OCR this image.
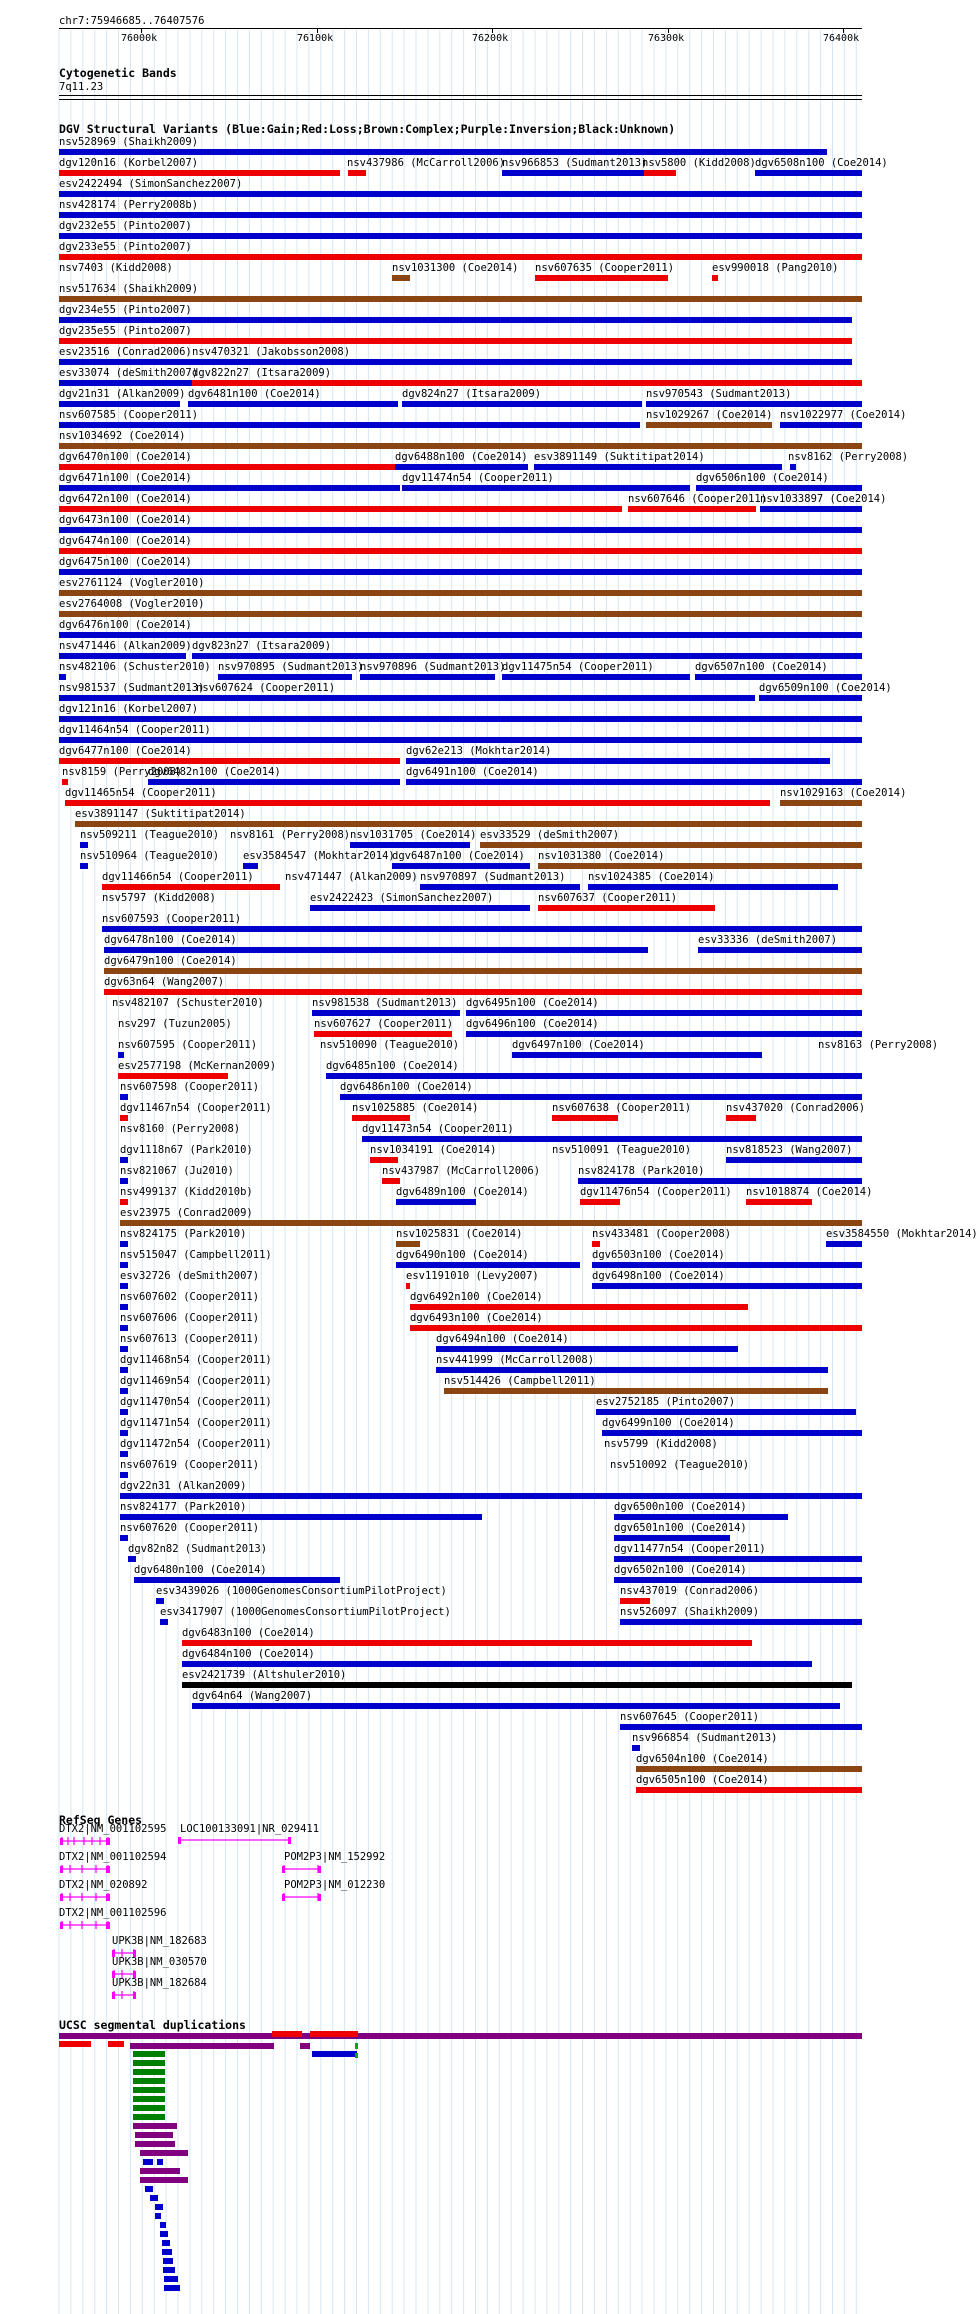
chr7:75946685..76407576
76000k	76100k	76200k	76300k	76400k
Cytogenetic Bands
7q11.23
DGV Structural Variants (Blue:Gain;Red:Loss;Brown:Complex;Purple:Inversion;Black:Unknown)
nsv528969 (Shaikh2009)
dgv120n16 (Korbel2007)	nsv437986 (McCarroll2006)
nsv966853 (Sudmant2013)
nsv5800 (Kidd2008) dgv6508n100 (Coe2014)
esv2422494 (SimonSanchez2007)
nsv428174 (Perry2008b)
dgv232e55 (Pinto2007)
dgv233e55 (Pinto2007)
nsv7403 (Kidd2008)	nsv1031300 (Coe2014) nsv607635 (Cooper2011)	esv990018 (Pang2010)
nsv517634 (Shaikh2009)
dgv234e55 (Pinto2007)
dgv235e55 (Pinto2007)
esv23516 (Conrad2006) nsv470321 (Jakobsson2008)
esv33074 (deSmith2007)
dgv822n27 (Itsara2009)
dgv21n31 (Alkan2009) dgv6481n100 (Coe2014)	dgv824n27 (Itsara2009)	nsv970543 (Sudmant2013)
nsv607585 (Cooper2011)	nsv1029267 (Coe2014) nsv1022977 (Coe2014)
nsv1034692 (Coe2014)
dgv6470n100 (Coe2014)	dgv6488n100 (Coe2014) esv3891149 (Suktitipat2014)	nsv8162 (Perry2008)
dgv6471n100 (Coe2014)	dgv11474n54 (Cooper2011)	dgv6506n100 (Coe2014)
dgv6472n100 (Coe2014)	nsv607646 (Cooper2011)
nsv1033897 (Coe2014)
dgv6473n100 (Coe2014)
dgv6474n100 (Coe2014)
dgv6475n100 (Coe2014)
esv2761124 (Vogler2010)
esv2764008 (Vogler2010)
dgv6476n100 (Coe2014)
nsv471446 (Alkan2009) dgv823n27 (Itsara2009)
nsv482106 (Schuster2010) nsv970895 (Sudmant2013)
nsv970896 (Sudmant2013)
dgv11475n54 (Cooper2011)	dgv6507n100 (Coe2014)
nsv981537 (Sudmant2013)
nsv607624 (Cooper2011)	dgv6509n100 (Coe2014)
dgv121n16 (Korbel2007)
dgv11464n54 (Cooper2011)
dgv6477n100 (Coe2014)	dgv62e213 (Mokhtar2014)
nsv8159 (Perry2008)
dgv6482n100 (Coe2014)	dgv6491n100 (Coe2014)
dgv11465n54 (Cooper2011)	nsv1029163 (Coe2014)
esv3891147 (Suktitipat2014)
nsv509211 (Teague2010) nsv8161 (Perry2008) nsv1031705 (Coe2014) esv33529 (deSmith2007)
nsv510964 (Teague2010) esv3584547 (Mokhtar2014)
dgv6487n100 (Coe2014) nsv1031380 (Coe2014)
dgv11466n54 (Cooper2011)	nsv471447 (Alkan2009) nsv970897 (Sudmant2013) nsv1024385 (Coe2014)
nsv5797 (Kidd2008)	esv2422423 (SimonSanchez2007)	nsv607637 (Cooper2011)
nsv607593 (Cooper2011)
dgv6478n100 (Coe2014)	esv33336 (deSmith2007)
dgv6479n100 (Coe2014)
dgv63n64 (Wang2007)
nsv482107 (Schuster2010)	nsv981538 (Sudmant2013) dgv6495n100 (Coe2014)
nsv297 (Tuzun2005)	nsv607627 (Cooper2011) dgv6496n100 (Coe2014)
nsv607595 (Cooper2011)	nsv510090 (Teague2010)	dgv6497n100 (Coe2014)	nsv8163 (Perry2008)
esv2577198 (McKernan2009)	dgv6485n100 (Coe2014)
nsv607598 (Cooper2011)	dgv6486n100 (Coe2014)
dgv11467n54 (Cooper2011)	nsv1025885 (Coe2014)	nsv607638 (Cooper2011)	nsv437020 (Conrad2006)
nsv8160 (Perry2008)	dgv11473n54 (Cooper2011)
dgv1118n67 (Park2010)	nsv1034191 (Coe2014)	nsv510091 (Teague2010)	nsv818523 (Wang2007)
nsv821067 (Ju2010)	nsv437987 (McCarroll2006)	nsv824178 (Park2010)
nsv499137 (Kidd2010b)	dgv6489n100 (Coe2014)	dgv11476n54 (Cooper2011) nsv1018874 (Coe2014)
esv23975 (Conrad2009)
nsv824175 (Park2010)	nsv1025831 (Coe2014)	nsv433481 (Cooper2008)	esv3584550 (Mokhtar2014)
nsv515047 (Campbell2011)	dgv6490n100 (Coe2014)	dgv6503n100 (Coe2014)
esv32726 (deSmith2007)	esv1191010 (Levy2007)	dgv6498n100 (Coe2014)
nsv607602 (Cooper2011)	dgv6492n100 (Coe2014)
nsv607606 (Cooper2011)	dgv6493n100 (Coe2014)
nsv607613 (Cooper2011)	dgv6494n100 (Coe2014)
dgv11468n54 (Cooper2011)	nsv441999 (McCarroll2008)
dgv11469n54 (Cooper2011)	nsv514426 (Campbell2011)
dgv11470n54 (Cooper2011)	esv2752185 (Pinto2007)
dgv11471n54 (Cooper2011)	dgv6499n100 (Coe2014)
dgv11472n54 (Cooper2011)	nsv5799 (Kidd2008)
nsv607619 (Cooper2011)	nsv510092 (Teague2010)
dgv22n31 (Alkan2009)
nsv824177 (Park2010)	dgv6500n100 (Coe2014)
nsv607620 (Cooper2011)	dgv6501n100 (Coe2014)
dgv82n82 (Sudmant2013)	dgv11477n54 (Cooper2011)
dgv6480n100 (Coe2014)	dgv6502n100 (Coe2014)
esv3439026 (1000GenomesConsortiumPilotProject)	nsv437019 (Conrad2006)
esv3417907 (1000GenomesConsortiumPilotProject)	nsv526097 (Shaikh2009)
dgv6483n100 (Coe2014)
dgv6484n100 (Coe2014)
esv2421739 (Altshuler2010)
dgv64n64 (Wang2007)
nsv607645 (Cooper2011)
nsv966854 (Sudmant2013)
dgv6504n100 (Coe2014)
dgv6505n100 (Coe2014)
RefSeq Genes
DTX2|NM_001102595 LOC100133091|NR_029411
DTX2|NM_001102594	POM2P3|NM_152992
DTX2|NM_020892	POM2P3|NM_012230
DTX2|NM_001102596
UPK3B|NM_182683
UPK3B|NM_030570
UPK3B|NM_182684
UCSC segmental duplications
